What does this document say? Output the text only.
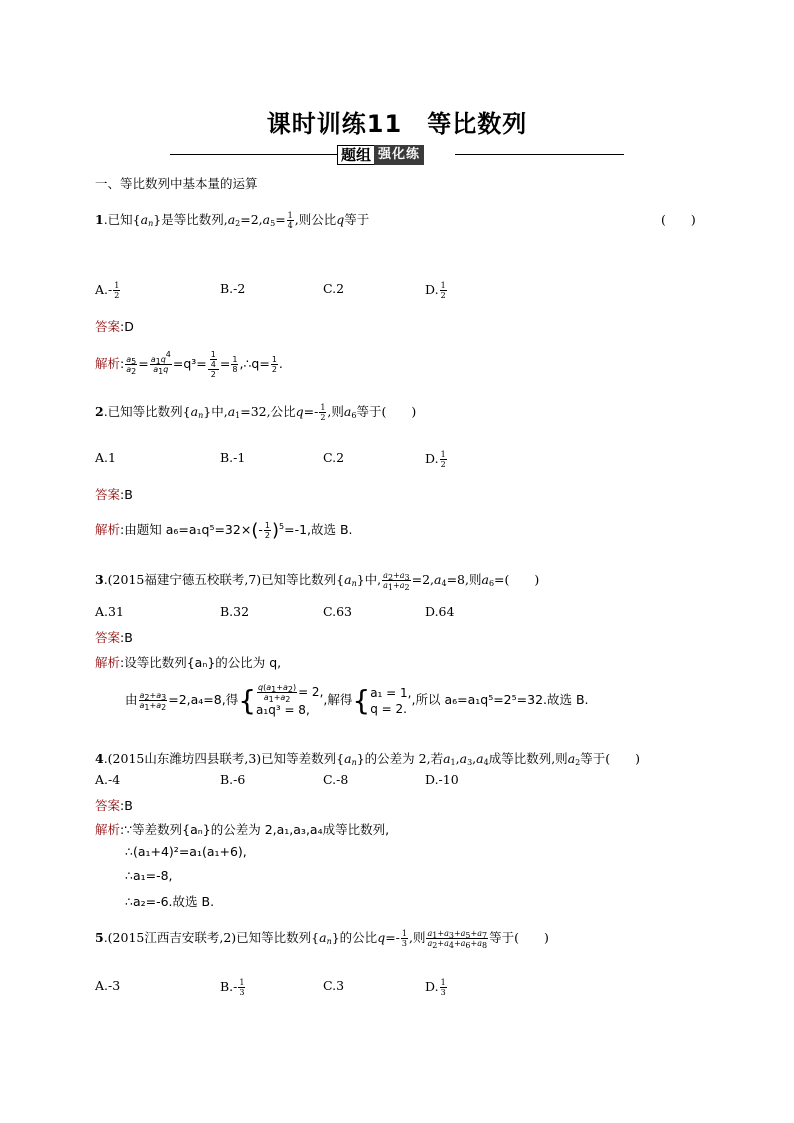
课时训练11　等比数列
题组 强化练
一、等比数列中基本量的运算
1.已知$\{a_n\}$是等比数列$,a_2=2,a_5= \frac{1}{4}$ ,则公比q等于	(　　)
$A.- \frac{1}{2}$	B.-2	C.2	D. $\frac{1}{2}$
答案:D
解析: $\frac{a_5}{a_2} = \frac{a_1q^4}{a_1q} =q^3= \frac{\frac{1}{4}}{2} = \frac{1}{8}$ ,∴q= $\frac{1}{2}$ .
2.已知等比数列$\{a_n\}$中$,a_1=32$,公比$q=- \frac{1}{2}$ ,则$a_6$等于(　　)
A.1	B.-1	C.2	D. $\frac{1}{2}$
答案:B
解析:由题知 $a_6=a_1q^5=32\times(- \frac{1}{2} )^5=-1$,故选 B.
3.(2015福建宁德五校联考,7)已知等比数列$\{a_n\}$中, $\frac{a_2+a_3}{a_1+a_2} =2,a_4=8$,则$a_6=$(　　)
A.31	B.32	C.63	D.64
答案:B
解析:设等比数列{aₙ}的公比为 q,
由 $\frac{a_2+a_3}{a_1+a_2} =2,a_4=8$,得{ $\frac{q(a_1+a_2)}{a_1+a_2} = 2$,
a₁q³ = 8,
,解得{ a₁ = 1,
q = 2.
,所以 a₆=a₁q⁵=2⁵=32.故选 B.
4.(2015山东潍坊四县联考,3)已知等差数列$\{a_n\}$的公差为 2,若$a_1,a_3,a_4$成等比数列,则$a_2$等于(　　)
A.-4	B.-6	C.-8	D.-10
答案:B
解析:∵等差数列{aₙ}的公差为 2,a₁,a₃,a₄成等比数列,
∴(a₁+4)²=a₁(a₁+6),
∴a₁=-8,
∴a₂=-6.故选 B.
5.(2015江西吉安联考,2)已知等比数列$\{a_n\}$的公比$q=- \frac{1}{3}$ ,则 $\frac{a_1+a_3+a_5+a_7}{a_2+a_4+a_6+a_8}$ 等于(　　)
A.-3	$B.- \frac{1}{3}$	C.3	D. $\frac{1}{3}$
